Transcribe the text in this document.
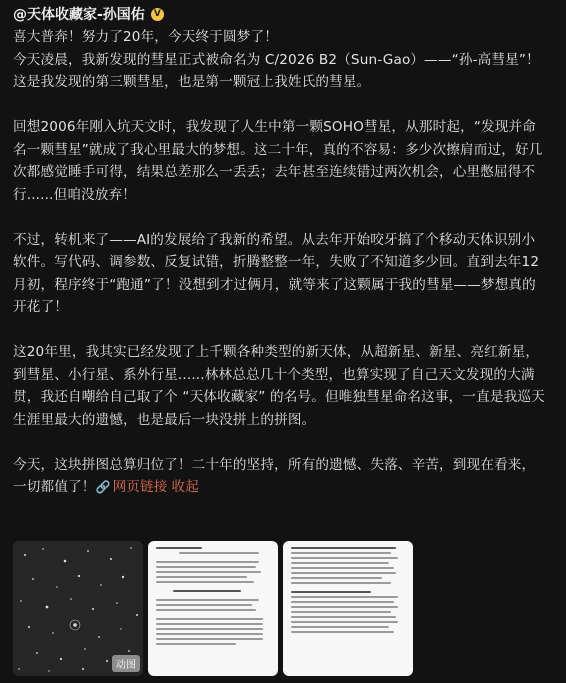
@天体收藏家-孙国佑	V
喜大普奔！努力了20年，今天终于圆梦了！
今天凌晨，我新发现的彗星正式被命名为 C/2026 B2（Sun-Gao）——“孙-高彗星”！
这是我发现的第三颗彗星，也是第一颗冠上我姓氏的彗星。
回想2006年刚入坑天文时，我发现了人生中第一颗SOHO彗星，从那时起，“发现并命
名一颗彗星”就成了我心里最大的梦想。这二十年，真的不容易：多少次擦肩而过，好几
次都感觉睡手可得，结果总差那么一丢丢；去年甚至连续错过两次机会，心里憋屈得不
行......但咱没放弃！
不过，转机来了——AI的发展给了我新的希望。从去年开始咬牙搞了个移动天体识别小
软件。写代码、调参数、反复试错，折腾整整一年，失败了不知道多少回。直到去年12
月初，程序终于“跑通”了！没想到才过俩月，就等来了这颗属于我的彗星——梦想真的
开花了！
这20年里，我其实已经发现了上千颗各种类型的新天体，从超新星、新星、亮红新星，
到彗星、小行星、系外行星......林林总总几十个类型，也算实现了自己天文发现的大满
贯，我还自嘲给自己取了个 “天体收藏家” 的名号。但唯独彗星命名这事，一直是我巡天
生涯里最大的遗憾，也是最后一块没拼上的拼图。
今天，这块拼图总算归位了！二十年的坚持，所有的遗憾、失落、辛苦，到现在看来，
一切都值了！🔗 网页链接 收起
动图
